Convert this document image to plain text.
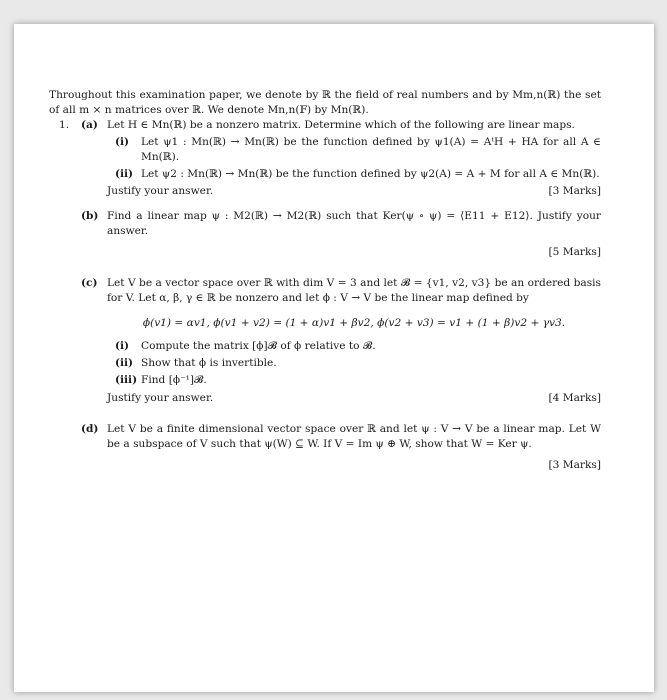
Throughout this examination paper, we denote by ℝ the field of real numbers and by Mm,n(ℝ) the set of all m × n matrices over ℝ. We denote Mn,n(𝔽) by Mn(ℝ).

1. (a) Let H ∈ Mn(ℝ) be a nonzero matrix. Determine which of the following are linear maps.

(i) Let ψ1 : Mn(ℝ) → Mn(ℝ) be the function defined by ψ1(A) = AᵗH + HA for all A ∈ Mn(ℝ).

(ii) Let ψ2 : Mn(ℝ) → Mn(ℝ) be the function defined by ψ2(A) = A + M for all A ∈ Mn(ℝ).

Justify your answer.	[3 Marks]
(b) Find a linear map ψ : M2(ℝ) → M2(ℝ) such that Ker(ψ ∘ ψ) = ⟨E11 + E12⟩. Justify your answer.

[5 Marks]
(c) Let V be a vector space over ℝ with dim V = 3 and let 𝓑 = {v1, v2, v3} be an ordered basis for V. Let α, β, γ ∈ ℝ be nonzero and let ϕ : V → V be the linear map defined by

ϕ(v1) = αv1, ϕ(v1 + v2) = (1 + α)v1 + βv2, ϕ(v2 + v3) = v1 + (1 + β)v2 + γv3.
(i) Compute the matrix [ϕ]𝓑 of ϕ relative to 𝓑.

(ii) Show that ϕ is invertible.

(iii) Find [ϕ⁻¹]𝓑.

Justify your answer.	[4 Marks]
(d) Let V be a finite dimensional vector space over ℝ and let ψ : V → V be a linear map. Let W be a subspace of V such that ψ(W) ⊆ W. If V = Im ψ ⊕ W, show that W = Ker ψ.

[3 Marks]
